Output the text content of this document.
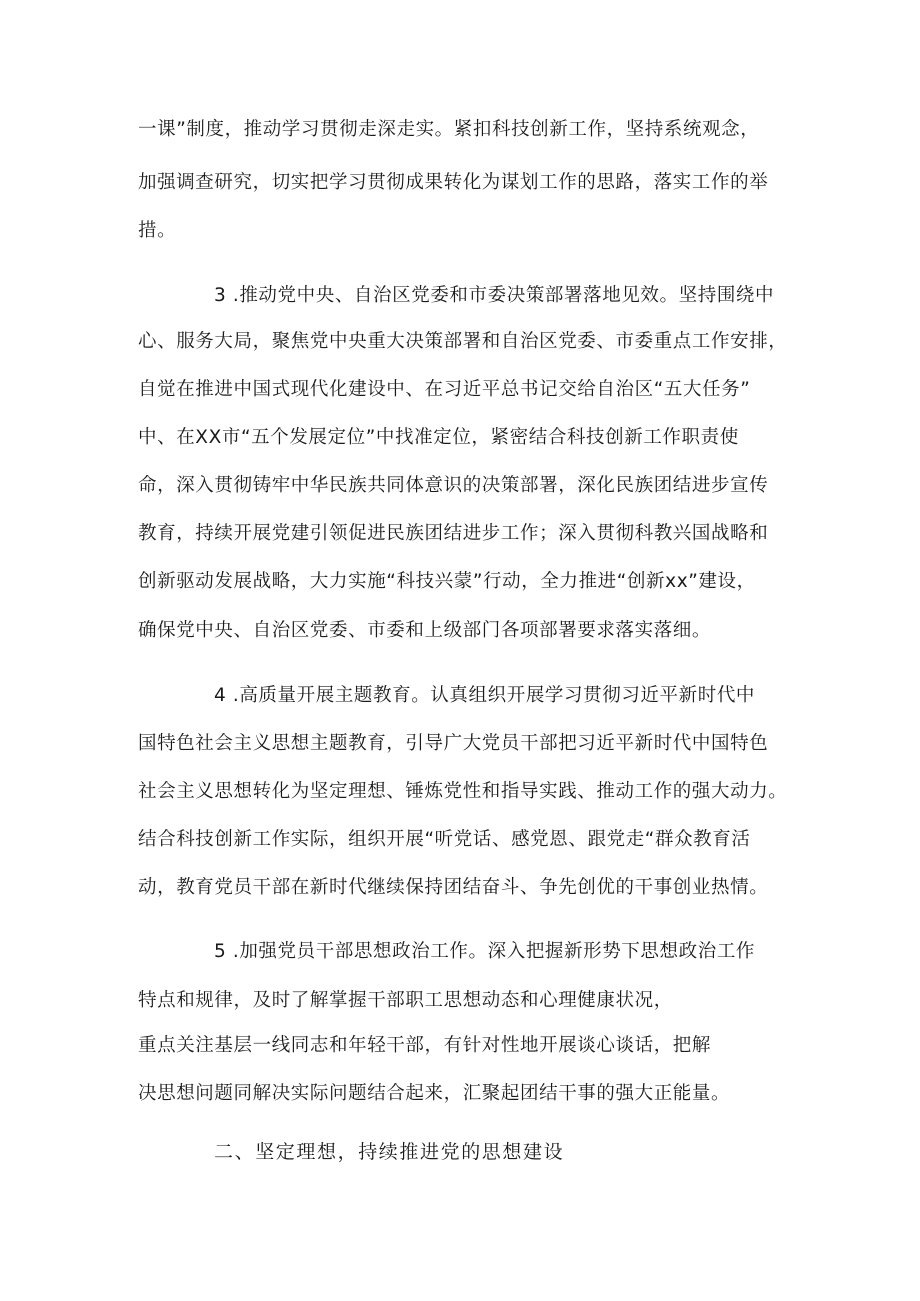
一课”制度，推动学习贯彻走深走实。紧扣科技创新工作，坚持系统观念，
加强调查研究，切实把学习贯彻成果转化为谋划工作的思路，落实工作的举
措。
3 .推动党中央、自治区党委和市委决策部署落地见效。坚持围绕中
心、服务大局，聚焦党中央重大决策部署和自治区党委、市委重点工作安排，
自觉在推进中国式现代化建设中、在习近平总书记交给自治区“五大任务”
中、在XX市“五个发展定位”中找准定位，紧密结合科技创新工作职责使
命，深入贯彻铸牢中华民族共同体意识的决策部署，深化民族团结进步宣传
教育，持续开展党建引领促进民族团结进步工作；深入贯彻科教兴国战略和
创新驱动发展战略，大力实施“科技兴蒙”行动，全力推进“创新xx”建设，
确保党中央、自治区党委、市委和上级部门各项部署要求落实落细。
4 .高质量开展主题教育。认真组织开展学习贯彻习近平新时代中
国特色社会主义思想主题教育，引导广大党员干部把习近平新时代中国特色
社会主义思想转化为坚定理想、锤炼党性和指导实践、推动工作的强大动力。
结合科技创新工作实际，组织开展“听党话、感党恩、跟党走“群众教育活
动，教育党员干部在新时代继续保持团结奋斗、争先创优的干事创业热情。
5 .加强党员干部思想政治工作。深入把握新形势下思想政治工作
特点和规律，及时了解掌握干部职工思想动态和心理健康状况，
重点关注基层一线同志和年轻干部，有针对性地开展谈心谈话，把解
决思想问题同解决实际问题结合起来，汇聚起团结干事的强大正能量。
二、坚定理想，持续推进党的思想建设
